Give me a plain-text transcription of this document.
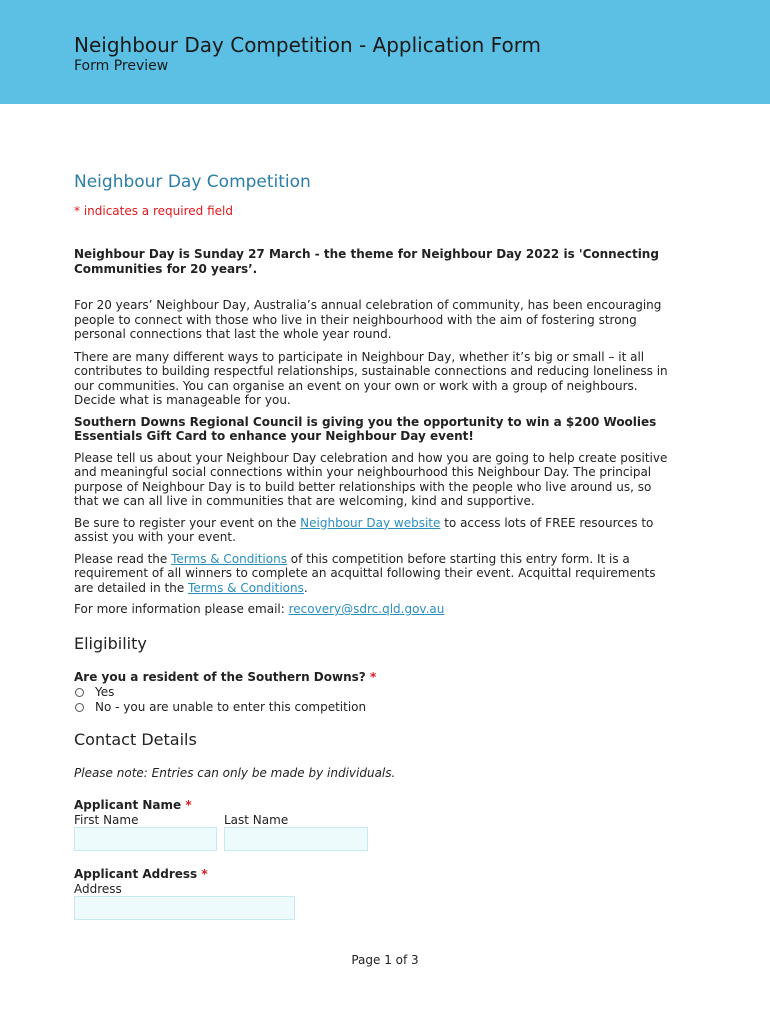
Neighbour Day Competition - Application Form
Form Preview
Neighbour Day Competition
* indicates a required field

Neighbour Day is Sunday 27 March - the theme for Neighbour Day 2022 is 'Connecting Communities for 20 years’.

For 20 years’ Neighbour Day, Australia’s annual celebration of community, has been encouraging people to connect with those who live in their neighbourhood with the aim of fostering strong personal connections that last the whole year round.

There are many different ways to participate in Neighbour Day, whether it’s big or small – it all contributes to building respectful relationships, sustainable connections and reducing loneliness in our communities. You can organise an event on your own or work with a group of neighbours. Decide what is manageable for you.

Southern Downs Regional Council is giving you the opportunity to win a $200 Woolies Essentials Gift Card to enhance your Neighbour Day event!

Please tell us about your Neighbour Day celebration and how you are going to help create positive and meaningful social connections within your neighbourhood this Neighbour Day. The principal purpose of Neighbour Day is to build better relationships with the people who live around us, so that we can all live in communities that are welcoming, kind and supportive.

Be sure to register your event on the Neighbour Day website to access lots of FREE resources to assist you with your event.

Please read the Terms & Conditions of this competition before starting this entry form. It is a requirement of all winners to complete an acquittal following their event. Acquittal requirements are detailed in the Terms & Conditions.

For more information please email: recovery@sdrc.qld.gov.au

Eligibility
Are you a resident of the Southern Downs? *
Yes
No - you are unable to enter this competition
Contact Details
Please note: Entries can only be made by individuals.
Applicant Name *
First Name	Last Name
Applicant Address *
Address
Page 1 of 3
